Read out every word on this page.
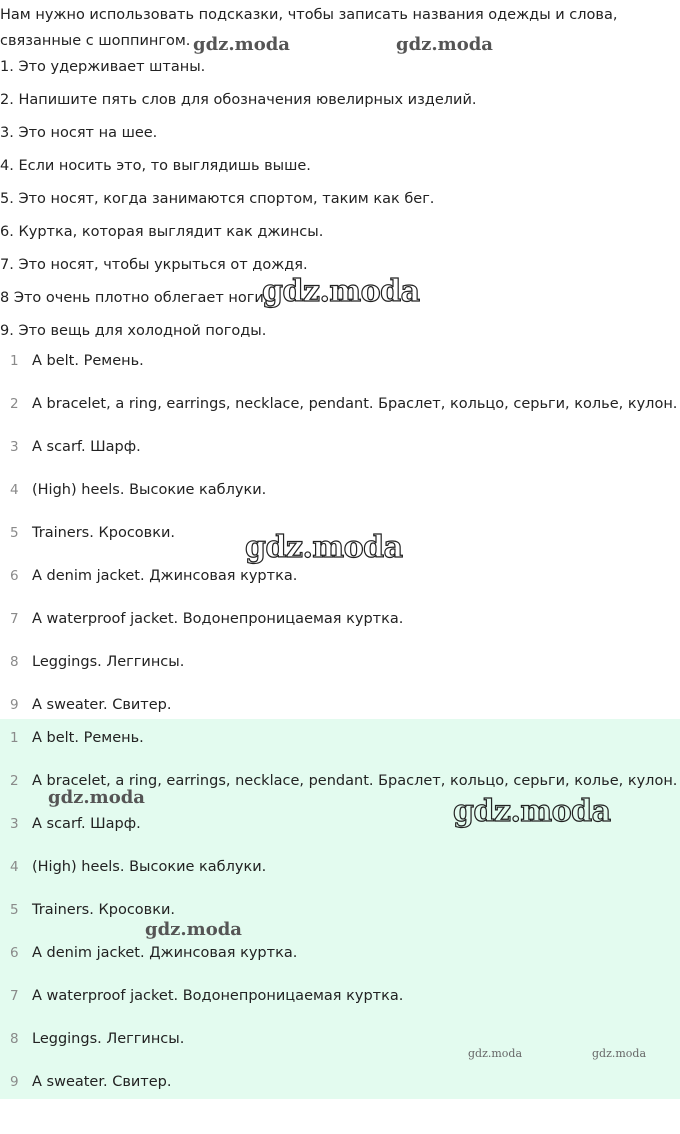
Нам нужно использовать подсказки, чтобы записать названия одежды и слова, связанные с шоппингом.
1. Это удерживает штаны.
2. Напишите пять слов для обозначения ювелирных изделий.
3. Это носят на шее.
4. Если носить это, то выглядишь выше.
5. Это носят, когда занимаются спортом, таким как бег.
6. Куртка, которая выглядит как джинсы.
7. Это носят, чтобы укрыться от дождя.
8 Это очень плотно облегает ноги.
9. Это вещь для холодной погоды.
1 A belt. Ремень.
2 A bracelet, a ring, earrings, necklace, pendant. Браслет, кольцо, серьги, колье, кулон.
3 A scarf. Шарф.
4 (High) heels. Высокие каблуки.
5 Trainers. Кросовки.
6 A denim jacket. Джинсовая куртка.
7 A waterproof jacket. Водонепроницаемая куртка.
8 Leggings. Леггинсы.
9 A sweater. Свитер.
1 A belt. Ремень.
2 A bracelet, a ring, earrings, necklace, pendant. Браслет, кольцо, серьги, колье, кулон.
3 A scarf. Шарф.
4 (High) heels. Высокие каблуки.
5 Trainers. Кросовки.
6 A denim jacket. Джинсовая куртка.
7 A waterproof jacket. Водонепроницаемая куртка.
8 Leggings. Леггинсы.
9 A sweater. Свитер.
gdz.moda	gdz.moda
gdz.moda
gdz.moda
gdz.moda	gdz.moda
gdz.moda
gdz.moda	gdz.moda
